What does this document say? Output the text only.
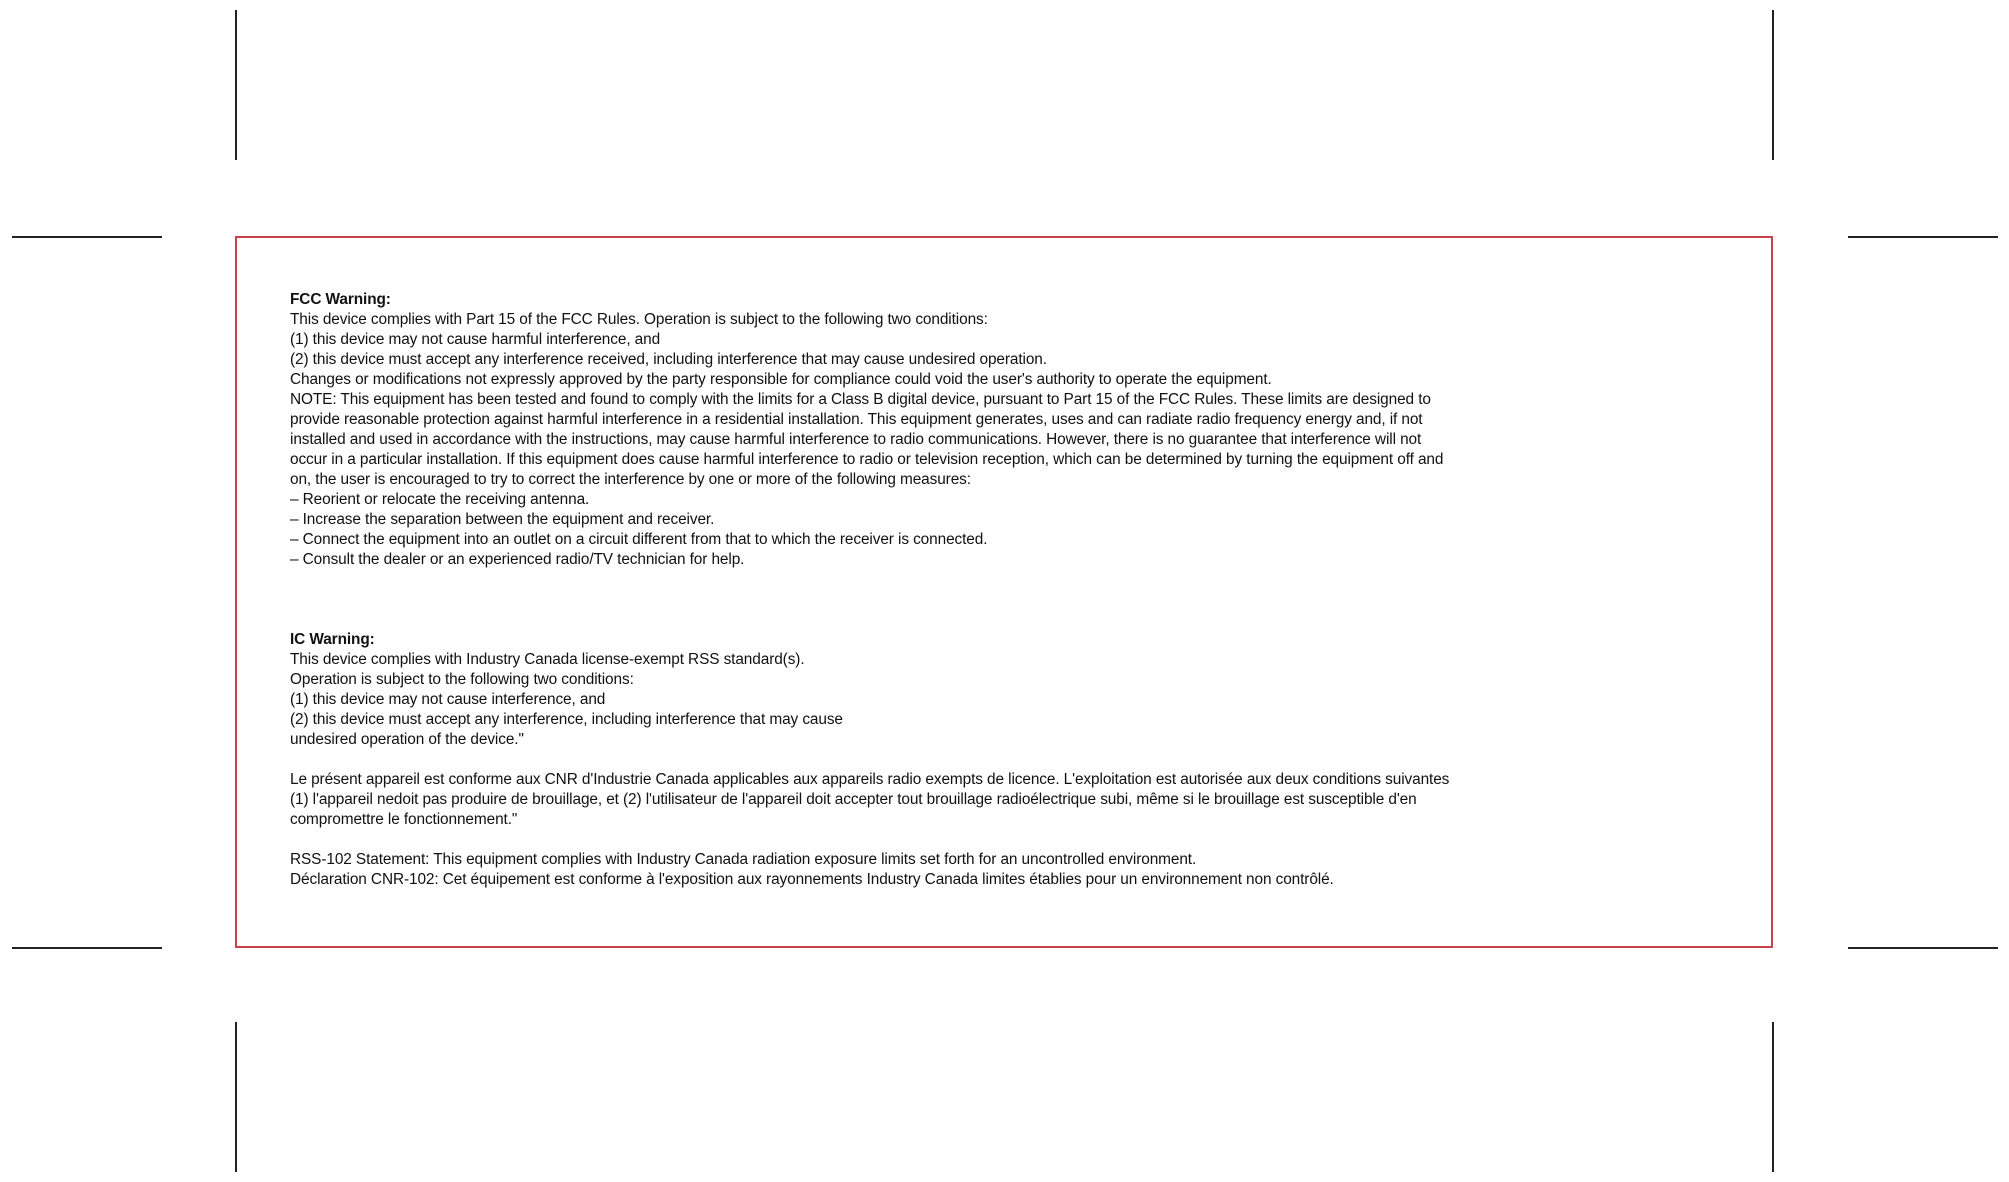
FCC Warning:
This device complies with Part 15 of the FCC Rules. Operation is subject to the following two conditions:
(1) this device may not cause harmful interference, and
(2) this device must accept any interference received, including interference that may cause undesired operation.
Changes or modifications not expressly approved by the party responsible for compliance could void the user's authority to operate the equipment.
NOTE: This equipment has been tested and found to comply with the limits for a Class B digital device, pursuant to Part 15 of the FCC Rules. These limits are designed to
provide reasonable protection against harmful interference in a residential installation. This equipment generates, uses and can radiate radio frequency energy and, if not
installed and used in accordance with the instructions, may cause harmful interference to radio communications. However, there is no guarantee that interference will not
occur in a particular installation. If this equipment does cause harmful interference to radio or television reception, which can be determined by turning the equipment off and
on, the user is encouraged to try to correct the interference by one or more of the following measures:
– Reorient or relocate the receiving antenna.
– Increase the separation between the equipment and receiver.
– Connect the equipment into an outlet on a circuit different from that to which the receiver is connected.
– Consult the dealer or an experienced radio/TV technician for help.
IC Warning:
This device complies with Industry Canada license-exempt RSS standard(s).
Operation is subject to the following two conditions:
(1) this device may not cause interference, and
(2) this device must accept any interference, including interference that may cause
undesired operation of the device."
Le présent appareil est conforme aux CNR d'Industrie Canada applicables aux appareils radio exempts de licence. L'exploitation est autorisée aux deux conditions suivantes
(1) l'appareil nedoit pas produire de brouillage, et (2) l'utilisateur de l'appareil doit accepter tout brouillage radioélectrique subi, même si le brouillage est susceptible d'en
compromettre le fonctionnement."
RSS-102 Statement: This equipment complies with Industry Canada radiation exposure limits set forth for an uncontrolled environment.
Déclaration CNR-102: Cet équipement est conforme à l'exposition aux rayonnements Industry Canada limites établies pour un environnement non contrôlé.
